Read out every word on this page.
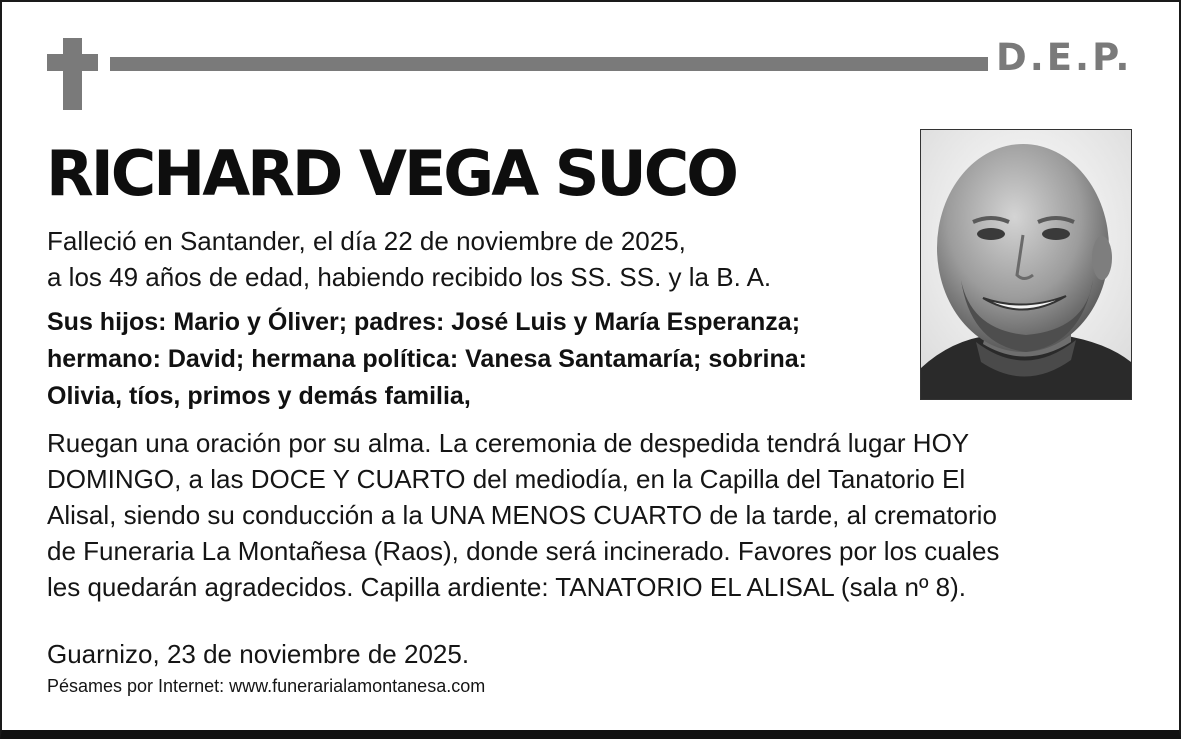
D.E.P.
RICHARD VEGA SUCO
Falleció en Santander, el día 22 de noviembre de 2025,
a los 49 años de edad, habiendo recibido los SS. SS. y la B. A.
Sus hijos: Mario y Óliver; padres: José Luis y María Esperanza;
hermano: David; hermana política: Vanesa Santamaría; sobrina:
Olivia, tíos, primos y demás familia,
Ruegan una oración por su alma. La ceremonia de despedida tendrá lugar HOY
DOMINGO, a las DOCE Y CUARTO del mediodía, en la Capilla del Tanatorio El
Alisal, siendo su conducción a la UNA MENOS CUARTO de la tarde, al crematorio
de Funeraria La Montañesa (Raos), donde será incinerado. Favores por los cuales
les quedarán agradecidos. Capilla ardiente: TANATORIO EL ALISAL (sala nº 8).
Guarnizo, 23 de noviembre de 2025.
Pésames por Internet: www.funerarialamontanesa.com
